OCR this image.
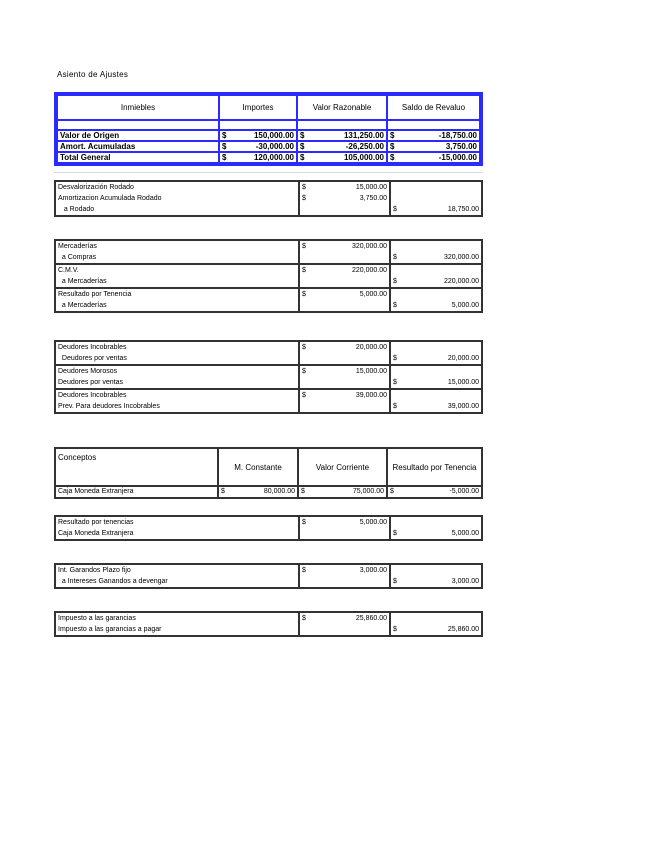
Asiento de Ajustes
Inmiebles	Importes	Valor Razonable	Saldo de Revaluo

Valor de Origen	$ 150,000.00	$ 131,250.00	$ -18,750.00
Amort. Acumuladas	$ -30,000.00	$ -26,250.00	$ 3,750.00
Total General	$ 120,000.00	$ 105,000.00	$ -15,000.00
Desvalorización Rodado	$ 15,000.00	
Amortizacion Acumulada Rodado	$ 3,750.00	
a Rodado		$ 18,750.00
Mercaderías	$ 320,000.00	
a Compras		$ 320,000.00
C.M.V.	$ 220,000.00	
a Mercaderías		$ 220,000.00
Resultado por Tenencia	$ 5,000.00	
a Mercaderías		$ 5,000.00
Deudores Incobrables	$ 20,000.00	
Deudores por ventas		$ 20,000.00
Deudores Morosos	$ 15,000.00	
Deudores por ventas		$ 15,000.00
Deudores Incobrables	$ 39,000.00	
Prev. Para deudores Incobrables		$ 39,000.00
Conceptos	M. Constante	Valor Corriente	Resultado por Tenencia
Caja Moneda Extranjera	$ 80,000.00	$ 75,000.00	$ -5,000.00
Resultado por tenencias	$ 5,000.00	
Caja Moneda Extranjera		$ 5,000.00
Int. Garandos Plazo fijo	$ 3,000.00	
a Intereses Ganandos a devengar		$ 3,000.00
Impuesto a las garancias	$ 25,860.00	
Impuesto a las garancias a pagar		$ 25,860.00
